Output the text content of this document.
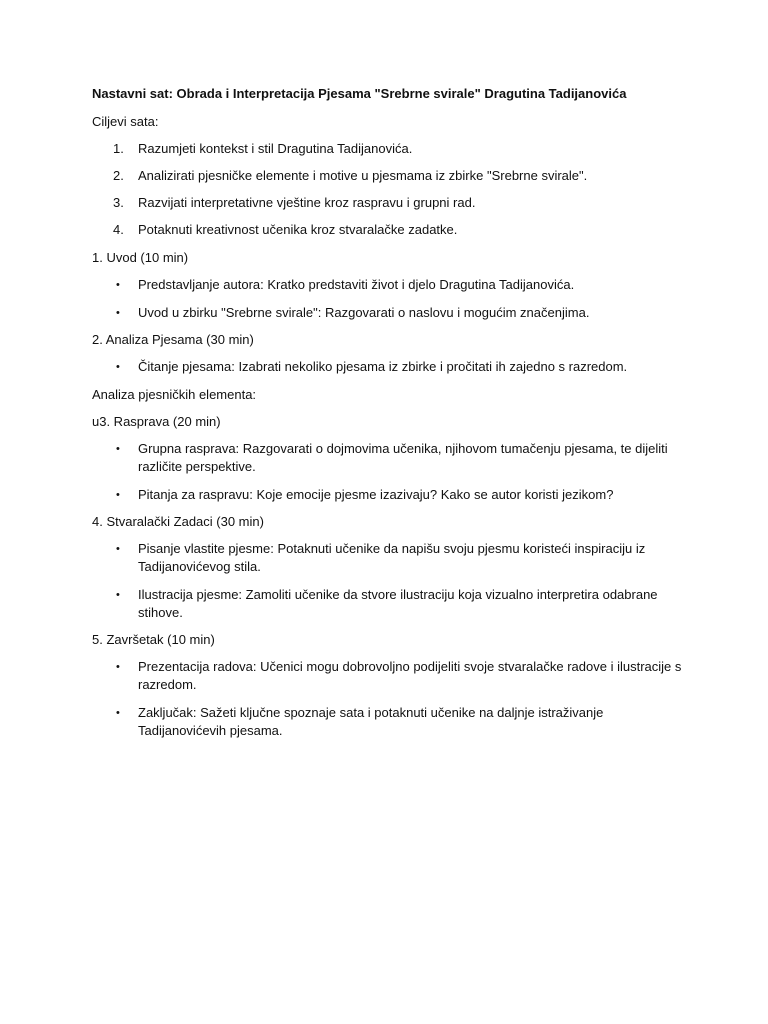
Nastavni sat: Obrada i Interpretacija Pjesama "Srebrne svirale" Dragutina Tadijanovića

Ciljevi sata:

1.	Razumjeti kontekst i stil Dragutina Tadijanovića.
2.	Analizirati pjesničke elemente i motive u pjesmama iz zbirke "Srebrne svirale".
3.	Razvijati interpretativne vještine kroz raspravu i grupni rad.
4.	Potaknuti kreativnost učenika kroz stvaralačke zadatke.

1. Uvod (10 min)

•	Predstavljanje autora: Kratko predstaviti život i djelo Dragutina Tadijanovića.
•	Uvod u zbirku "Srebrne svirale": Razgovarati o naslovu i mogućim značenjima.

2. Analiza Pjesama (30 min)

•	Čitanje pjesama: Izabrati nekoliko pjesama iz zbirke i pročitati ih zajedno s razredom.

Analiza pjesničkih elementa:

u3. Rasprava (20 min)

•	Grupna rasprava: Razgovarati o dojmovima učenika, njihovom tumačenju pjesama, te dijeliti različite perspektive.
•	Pitanja za raspravu: Koje emocije pjesme izazivaju? Kako se autor koristi jezikom?

4. Stvaralački Zadaci (30 min)

•	Pisanje vlastite pjesme: Potaknuti učenike da napišu svoju pjesmu koristeći inspiraciju iz Tadijanovićevog stila.
•	Ilustracija pjesme: Zamoliti učenike da stvore ilustraciju koja vizualno interpretira odabrane stihove.

5. Završetak (10 min)

•	Prezentacija radova: Učenici mogu dobrovoljno podijeliti svoje stvaralačke radove i ilustracije s razredom.
•	Zaključak: Sažeti ključne spoznaje sata i potaknuti učenike na daljnje istraživanje Tadijanovićevih pjesama.
